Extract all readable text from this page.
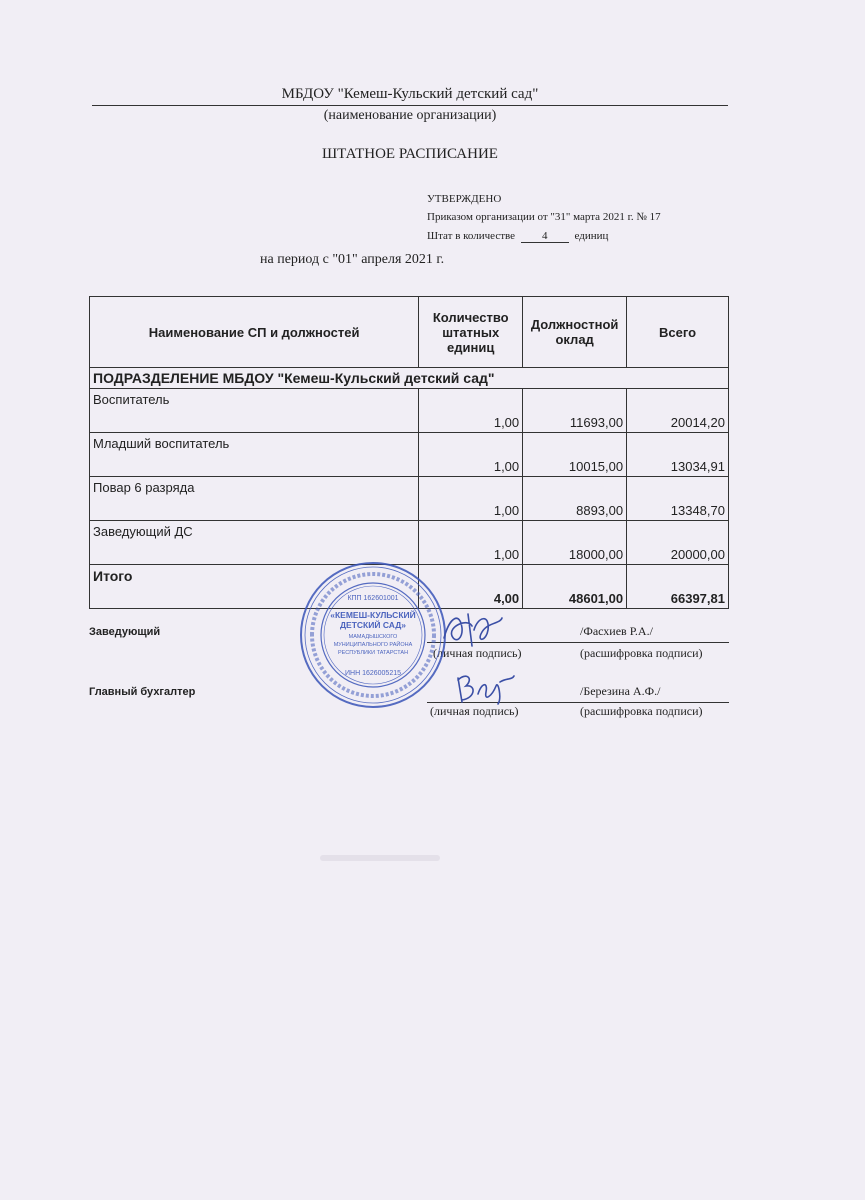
МБДОУ "Кемеш-Кульский детский сад"
(наименование организации)
ШТАТНОЕ РАСПИСАНИЕ
УТВЕРЖДЕНО
Приказом организации от "31" марта 2021 г. № 17
Штат в количестве 4 единиц
на период с "01" апреля 2021 г.
Наименование СП и должностей	Количество штатных единиц	Должностной оклад	Всего
ПОДРАЗДЕЛЕНИЕ МБДОУ "Кемеш-Кульский детский сад"			
Воспитатель	1,00	11693,00	20014,20
Младший воспитатель	1,00	10015,00	13034,91
Повар 6 разряда	1,00	8893,00	13348,70
Заведующий ДС	1,00	18000,00	20000,00
Итого	4,00	48601,00	66397,81
Заведующий	/Фасхиев Р.А./
(личная подпись)	(расшифровка подписи)
Главный бухгалтер	/Березина А.Ф./
(личная подпись)	(расшифровка подписи)
КПП 162601001
«КЕМЕШ-КУЛЬСКИЙ
ДЕТСКИЙ САД»
МАМАДЫШСКОГО
МУНИЦИПАЛЬНОГО РАЙОНА
РЕСПУБЛИКИ ТАТАРСТАН
ИНН 1626005215
